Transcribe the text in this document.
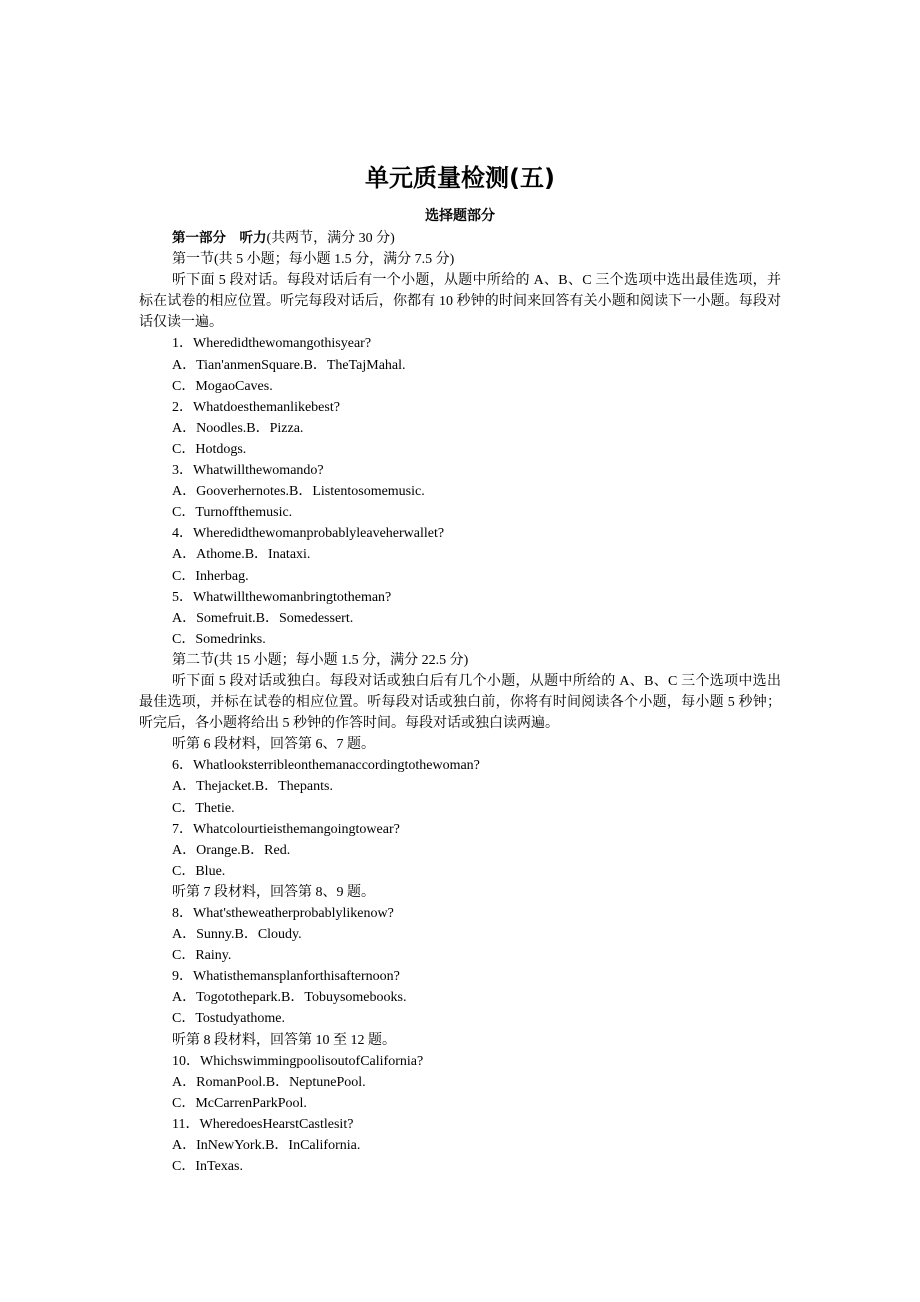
单元质量检测(五)
选择题部分
第一部分　听力(共两节，满分 30 分)
第一节(共 5 小题；每小题 1.5 分，满分 7.5 分)
听下面 5 段对话。每段对话后有一个小题，从题中所给的 A、B、C 三个选项中选出最佳选项，并标在试卷的相应位置。听完每段对话后，你都有 10 秒钟的时间来回答有关小题和阅读下一小题。每段对话仅读一遍。
1．Wheredidthewomangothisyear?
A．Tian'anmenSquare.B．TheTajMahal.
C．MogaoCaves.
2．Whatdoesthemanlikebest?
A．Noodles.B．Pizza.
C．Hotdogs.
3．Whatwillthewomando?
A．Gooverhernotes.B．Listentosomemusic.
C．Turnoffthemusic.
4．Wheredidthewomanprobablyleaveherwallet?
A．Athome.B．Inataxi.
C．Inherbag.
5．Whatwillthewomanbringtotheman?
A．Somefruit.B．Somedessert.
C．Somedrinks.
第二节(共 15 小题；每小题 1.5 分，满分 22.5 分)
听下面 5 段对话或独白。每段对话或独白后有几个小题，从题中所给的 A、B、C 三个选项中选出最佳选项，并标在试卷的相应位置。听每段对话或独白前，你将有时间阅读各个小题，每小题 5 秒钟；听完后，各小题将给出 5 秒钟的作答时间。每段对话或独白读两遍。
听第 6 段材料，回答第 6、7 题。
6．Whatlooksterribleonthemanaccordingtothewoman?
A．Thejacket.B．Thepants.
C．Thetie.
7．Whatcolourtieisthemangoingtowear?
A．Orange.B．Red.
C．Blue.
听第 7 段材料，回答第 8、9 题。
8．What'stheweatherprobablylikenow?
A．Sunny.B．Cloudy.
C．Rainy.
9．Whatisthemansplanforthisafternoon?
A．Togotothepark.B．Tobuysomebooks.
C．Tostudyathome.
听第 8 段材料，回答第 10 至 12 题。
10．WhichswimmingpoolisoutofCalifornia?
A．RomanPool.B．NeptunePool.
C．McCarrenParkPool.
11．WheredoesHearstCastlesit?
A．InNewYork.B．InCalifornia.
C．InTexas.
